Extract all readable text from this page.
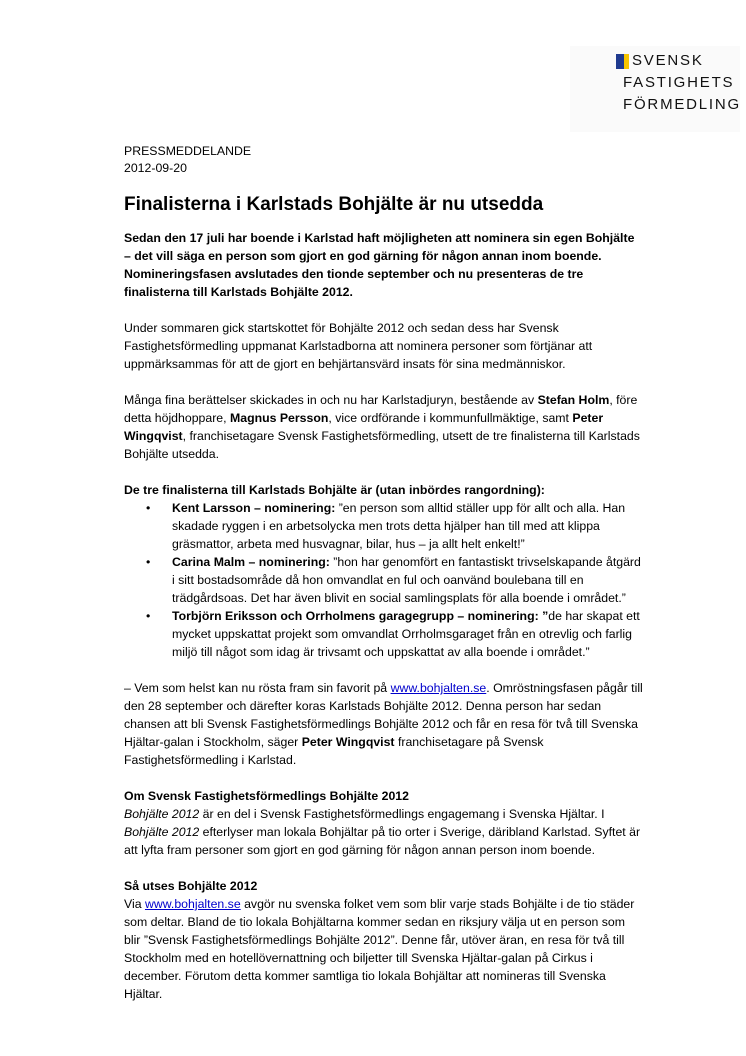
SVENSK
FASTIGHETS
FÖRMEDLING

PRESSMEDDELANDE

2012-09-20

Finalisterna i Karlstads Bohjälte är nu utsedda

Sedan den 17 juli har boende i Karlstad haft möjligheten att nominera sin egen Bohjälte – det vill säga en person som gjort en god gärning för någon annan inom boende. Nomineringsfasen avslutades den tionde september och nu presenteras de tre finalisterna till Karlstads Bohjälte 2012.

Under sommaren gick startskottet för Bohjälte 2012 och sedan dess har Svensk Fastighetsförmedling uppmanat Karlstadborna att nominera personer som förtjänar att uppmärksammas för att de gjort en behjärtansvärd insats för sina medmänniskor.

Många fina berättelser skickades in och nu har Karlstadjuryn, bestående av Stefan Holm, före detta höjdhoppare, Magnus Persson, vice ordförande i kommunfullmäktige, samt Peter Wingqvist, franchisetagare Svensk Fastighetsförmedling, utsett de tre finalisterna till Karlstads Bohjälte utsedda.

De tre finalisterna till Karlstads Bohjälte är (utan inbördes rangordning):

• Kent Larsson – nominering: ”en person som alltid ställer upp för allt och alla. Han skadade ryggen i en arbetsolycka men trots detta hjälper han till med att klippa gräsmattor, arbeta med husvagnar, bilar, hus – ja allt helt enkelt!”
• Carina Malm – nominering: ”hon har genomfört en fantastiskt trivselskapande åtgärd i sitt bostadsområde då hon omvandlat en ful och oanvänd boulebana till en trädgårdsoas. Det har även blivit en social samlingsplats för alla boende i området.”
• Torbjörn Eriksson och Orrholmens garagegrupp – nominering: ”de har skapat ett mycket uppskattat projekt som omvandlat Orrholmsgaraget från en otrevlig och farlig miljö till något som idag är trivsamt och uppskattat av alla boende i området.”

– Vem som helst kan nu rösta fram sin favorit på www.bohjalten.se. Omröstningsfasen pågår till den 28 september och därefter koras Karlstads Bohjälte 2012. Denna person har sedan chansen att bli Svensk Fastighetsförmedlings Bohjälte 2012 och får en resa för två till Svenska Hjältar-galan i Stockholm, säger Peter Wingqvist franchisetagare på Svensk Fastighetsförmedling i Karlstad.

Om Svensk Fastighetsförmedlings Bohjälte 2012

Bohjälte 2012 är en del i Svensk Fastighetsförmedlings engagemang i Svenska Hjältar. I Bohjälte 2012 efterlyser man lokala Bohjältar på tio orter i Sverige, däribland Karlstad. Syftet är att lyfta fram personer som gjort en god gärning för någon annan person inom boende.

Så utses Bohjälte 2012

Via www.bohjalten.se avgör nu svenska folket vem som blir varje stads Bohjälte i de tio städer som deltar. Bland de tio lokala Bohjältarna kommer sedan en riksjury välja ut en person som blir ”Svensk Fastighetsförmedlings Bohjälte 2012”. Denne får, utöver äran, en resa för två till Stockholm med en hotellövernattning och biljetter till Svenska Hjältar-galan på Cirkus i december. Förutom detta kommer samtliga tio lokala Bohjältar att nomineras till Svenska Hjältar.
